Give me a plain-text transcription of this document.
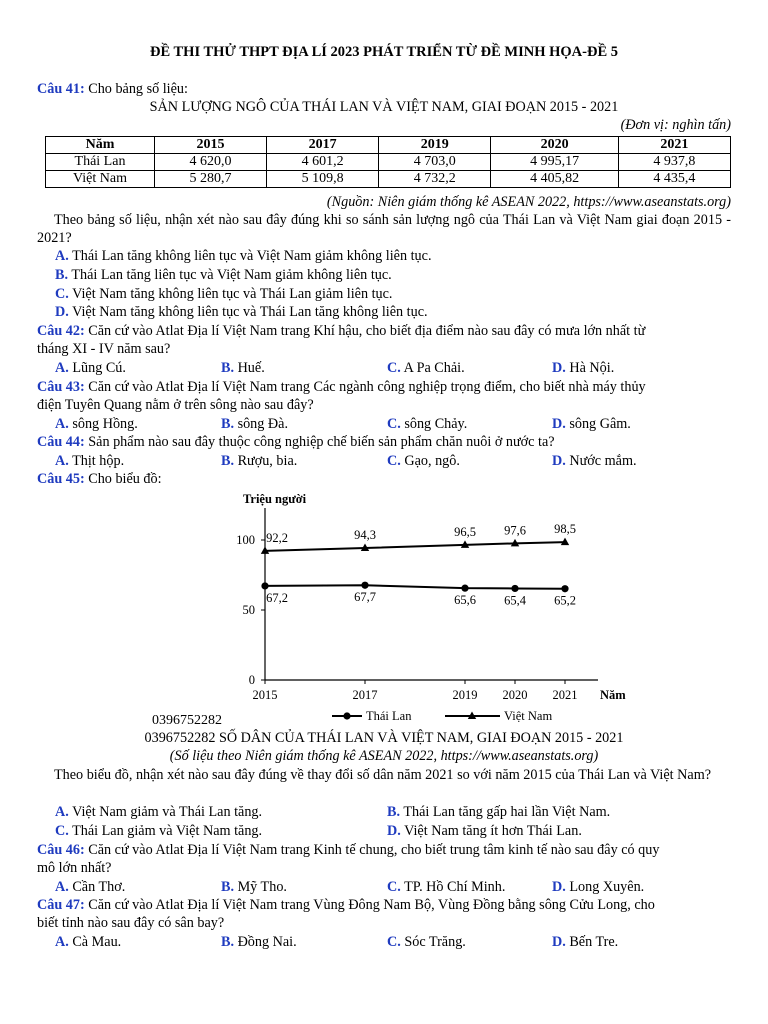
ĐỀ THI THỬ THPT ĐỊA LÍ 2023 PHÁT TRIỂN TỪ ĐỀ MINH HỌA-ĐỀ 5
Câu 41: Cho bảng số liệu:
SẢN LƯỢNG NGÔ CỦA THÁI LAN VÀ VIỆT NAM, GIAI ĐOẠN 2015 - 2021
(Đơn vị: nghìn tấn)
Năm	2015	2017	2019	2020	2021
Thái Lan	4 620,0	4 601,2	4 703,0	4 995,17	4 937,8
Việt Nam	5 280,7	5 109,8	4 732,2	4 405,82	4 435,4
(Nguồn: Niên giám thống kê ASEAN 2022, https://www.aseanstats.org)
Theo bảng số liệu, nhận xét nào sau đây đúng khi so sánh sản lượng ngô của Thái Lan và Việt Nam giai đoạn 2015 - 2021?
A. Thái Lan tăng không liên tục và Việt Nam giảm không liên tục.
B. Thái Lan tăng liên tục và Việt Nam giảm không liên tục.
C. Việt Nam tăng không liên tục và Thái Lan giảm liên tục.
D. Việt Nam tăng không liên tục và Thái Lan tăng không liên tục.
Câu 42: Căn cứ vào Atlat Địa lí Việt Nam trang Khí hậu, cho biết địa điểm nào sau đây có mưa lớn nhất từ
tháng XI - IV năm sau?
A. Lũng Cú.	B. Huế.	C. A Pa Chải.	D. Hà Nội.
Câu 43: Căn cứ vào Atlat Địa lí Việt Nam trang Các ngành công nghiệp trọng điểm, cho biết nhà máy thủy
điện Tuyên Quang nằm ở trên sông nào sau đây?
A. sông Hồng.	B. sông Đà.	C. sông Chảy.	D. sông Gâm.
Câu 44: Sản phẩm nào sau đây thuộc công nghiệp chế biến sản phẩm chăn nuôi ở nước ta?
A. Thịt hộp.	B. Rượu, bia.	C. Gạo, ngô.	D. Nước mắm.
Câu 45: Cho biểu đồ:
Triệu người
Năm
0
50
100
2015	2017	2019 2020 2021
67,2	67,7	65,6 65,4 65,2
92,2	94,3	96,5 97,6 98,5
Thái Lan	Việt Nam
0396752282
0396752282 SỐ DÂN CỦA THÁI LAN VÀ VIỆT NAM, GIAI ĐOẠN 2015 - 2021
(Số liệu theo Niên giám thống kê ASEAN 2022, https://www.aseanstats.org)
Theo biểu đồ, nhận xét nào sau đây đúng về thay đổi số dân năm 2021 so với năm 2015 của Thái Lan và Việt Nam?
A. Việt Nam giảm và Thái Lan tăng.	B. Thái Lan tăng gấp hai lần Việt Nam.
C. Thái Lan giảm và Việt Nam tăng.	D. Việt Nam tăng ít hơn Thái Lan.
Câu 46: Căn cứ vào Atlat Địa lí Việt Nam trang Kinh tế chung, cho biết trung tâm kinh tế nào sau đây có quy
mô lớn nhất?
A. Cần Thơ.	B. Mỹ Tho.	C. TP. Hồ Chí Minh.	D. Long Xuyên.
Câu 47: Căn cứ vào Atlat Địa lí Việt Nam trang Vùng Đông Nam Bộ, Vùng Đồng bằng sông Cửu Long, cho
biết tỉnh nào sau đây có sân bay?
A. Cà Mau.	B. Đồng Nai.	C. Sóc Trăng.	D. Bến Tre.
